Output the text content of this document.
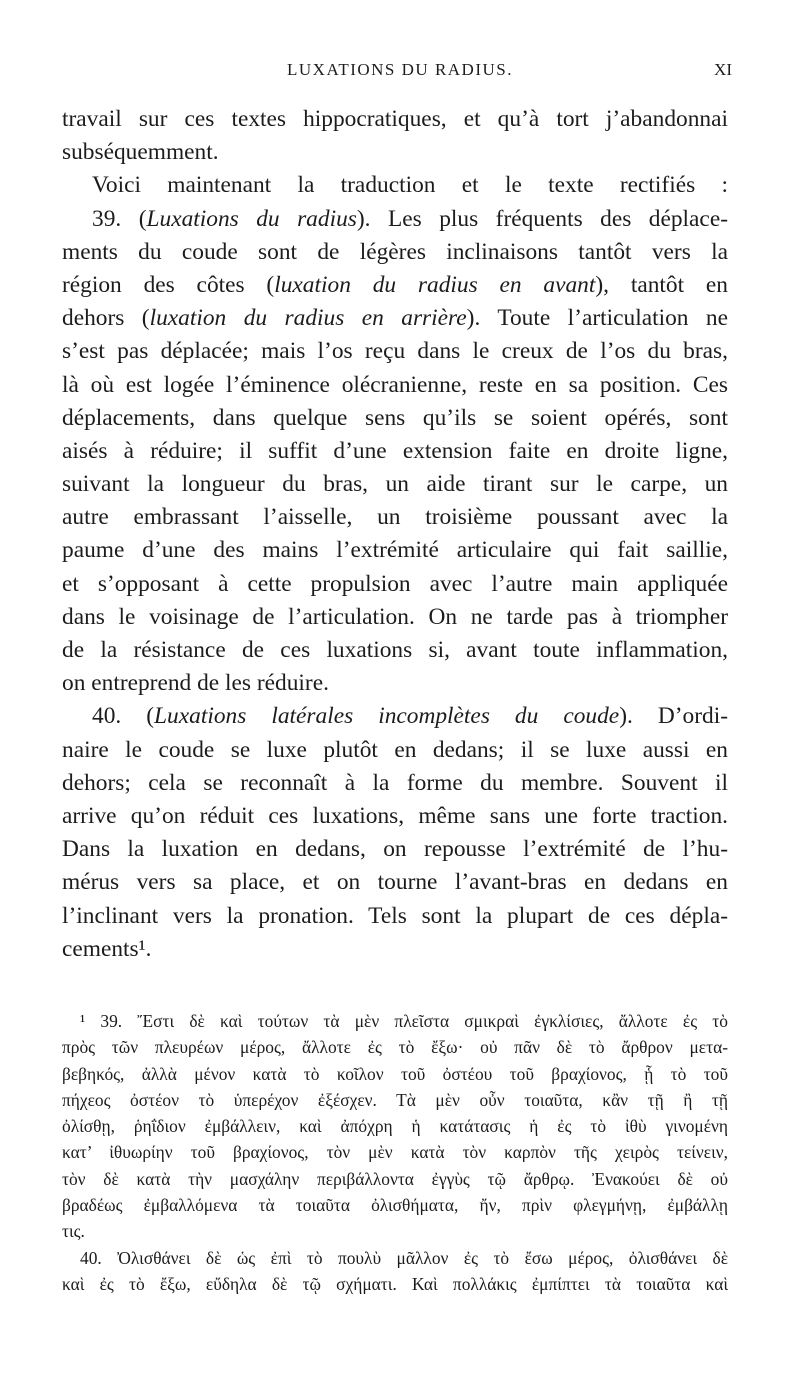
LUXATIONS DU RADIUS.	XI
travail sur ces textes hippocratiques, et qu’à tort j’abandonnai
subséquemment.
Voici maintenant la traduction et le texte rectifiés :
39. (Luxations du radius). Les plus fréquents des déplace-
ments du coude sont de légères inclinaisons tantôt vers la
région des côtes (luxation du radius en avant), tantôt en
dehors (luxation du radius en arrière). Toute l’articulation ne
s’est pas déplacée; mais l’os reçu dans le creux de l’os du bras,
là où est logée l’éminence olécranienne, reste en sa position. Ces
déplacements, dans quelque sens qu’ils se soient opérés, sont
aisés à réduire; il suffit d’une extension faite en droite ligne,
suivant la longueur du bras, un aide tirant sur le carpe, un
autre embrassant l’aisselle, un troisième poussant avec la
paume d’une des mains l’extrémité articulaire qui fait saillie,
et s’opposant à cette propulsion avec l’autre main appliquée
dans le voisinage de l’articulation. On ne tarde pas à triompher
de la résistance de ces luxations si, avant toute inflammation,
on entreprend de les réduire.
40. (Luxations latérales incomplètes du coude). D’ordi-
naire le coude se luxe plutôt en dedans; il se luxe aussi en
dehors; cela se reconnaît à la forme du membre. Souvent il
arrive qu’on réduit ces luxations, même sans une forte traction.
Dans la luxation en dedans, on repousse l’extrémité de l’hu-
mérus vers sa place, et on tourne l’avant-bras en dedans en
l’inclinant vers la pronation. Tels sont la plupart de ces dépla-
cements¹.
¹ 39. Ἔστι δὲ καὶ τούτων τὰ μὲν πλεῖστα σμικραὶ ἐγκλίσιες, ἄλλοτε ἐς τὸ
πρὸς τῶν πλευρέων μέρος, ἄλλοτε ἐς τὸ ἔξω· οὐ πᾶν δὲ τὸ ἄρθρον μετα-
βεβηκός, ἀλλὰ μένον κατὰ τὸ κοῖλον τοῦ ὀστέου τοῦ βραχίονος, ᾗ τὸ τοῦ
πήχεος ὀστέον τὸ ὑπερέχον ἐξέσχεν. Τὰ μὲν οὖν τοιαῦτα, κἂν τῇ ἢ τῇ
ὀλίσθῃ, ῥηΐδιον ἐμβάλλειν, καὶ ἀπόχρη ἡ κατάτασις ἡ ἐς τὸ ἰθὺ γινομένη
κατ’ ἰθυωρίην τοῦ βραχίονος, τὸν μὲν κατὰ τὸν καρπὸν τῆς χειρὸς τείνειν,
τὸν δὲ κατὰ τὴν μασχάλην περιβάλλοντα ἐγγὺς τῷ ἄρθρῳ. Ἐνακούει δὲ οὐ
βραδέως ἐμβαλλόμενα τὰ τοιαῦτα ὀλισθήματα, ἤν, πρὶν φλεγμήνῃ, ἐμβάλλῃ
τις.
40. Ὀλισθάνει δὲ ὡς ἐπὶ τὸ πουλὺ μᾶλλον ἐς τὸ ἔσω μέρος, ὀλισθάνει δὲ
καὶ ἐς τὸ ἔξω, εὔδηλα δὲ τῷ σχήματι. Καὶ πολλάκις ἐμπίπτει τὰ τοιαῦτα καὶ
